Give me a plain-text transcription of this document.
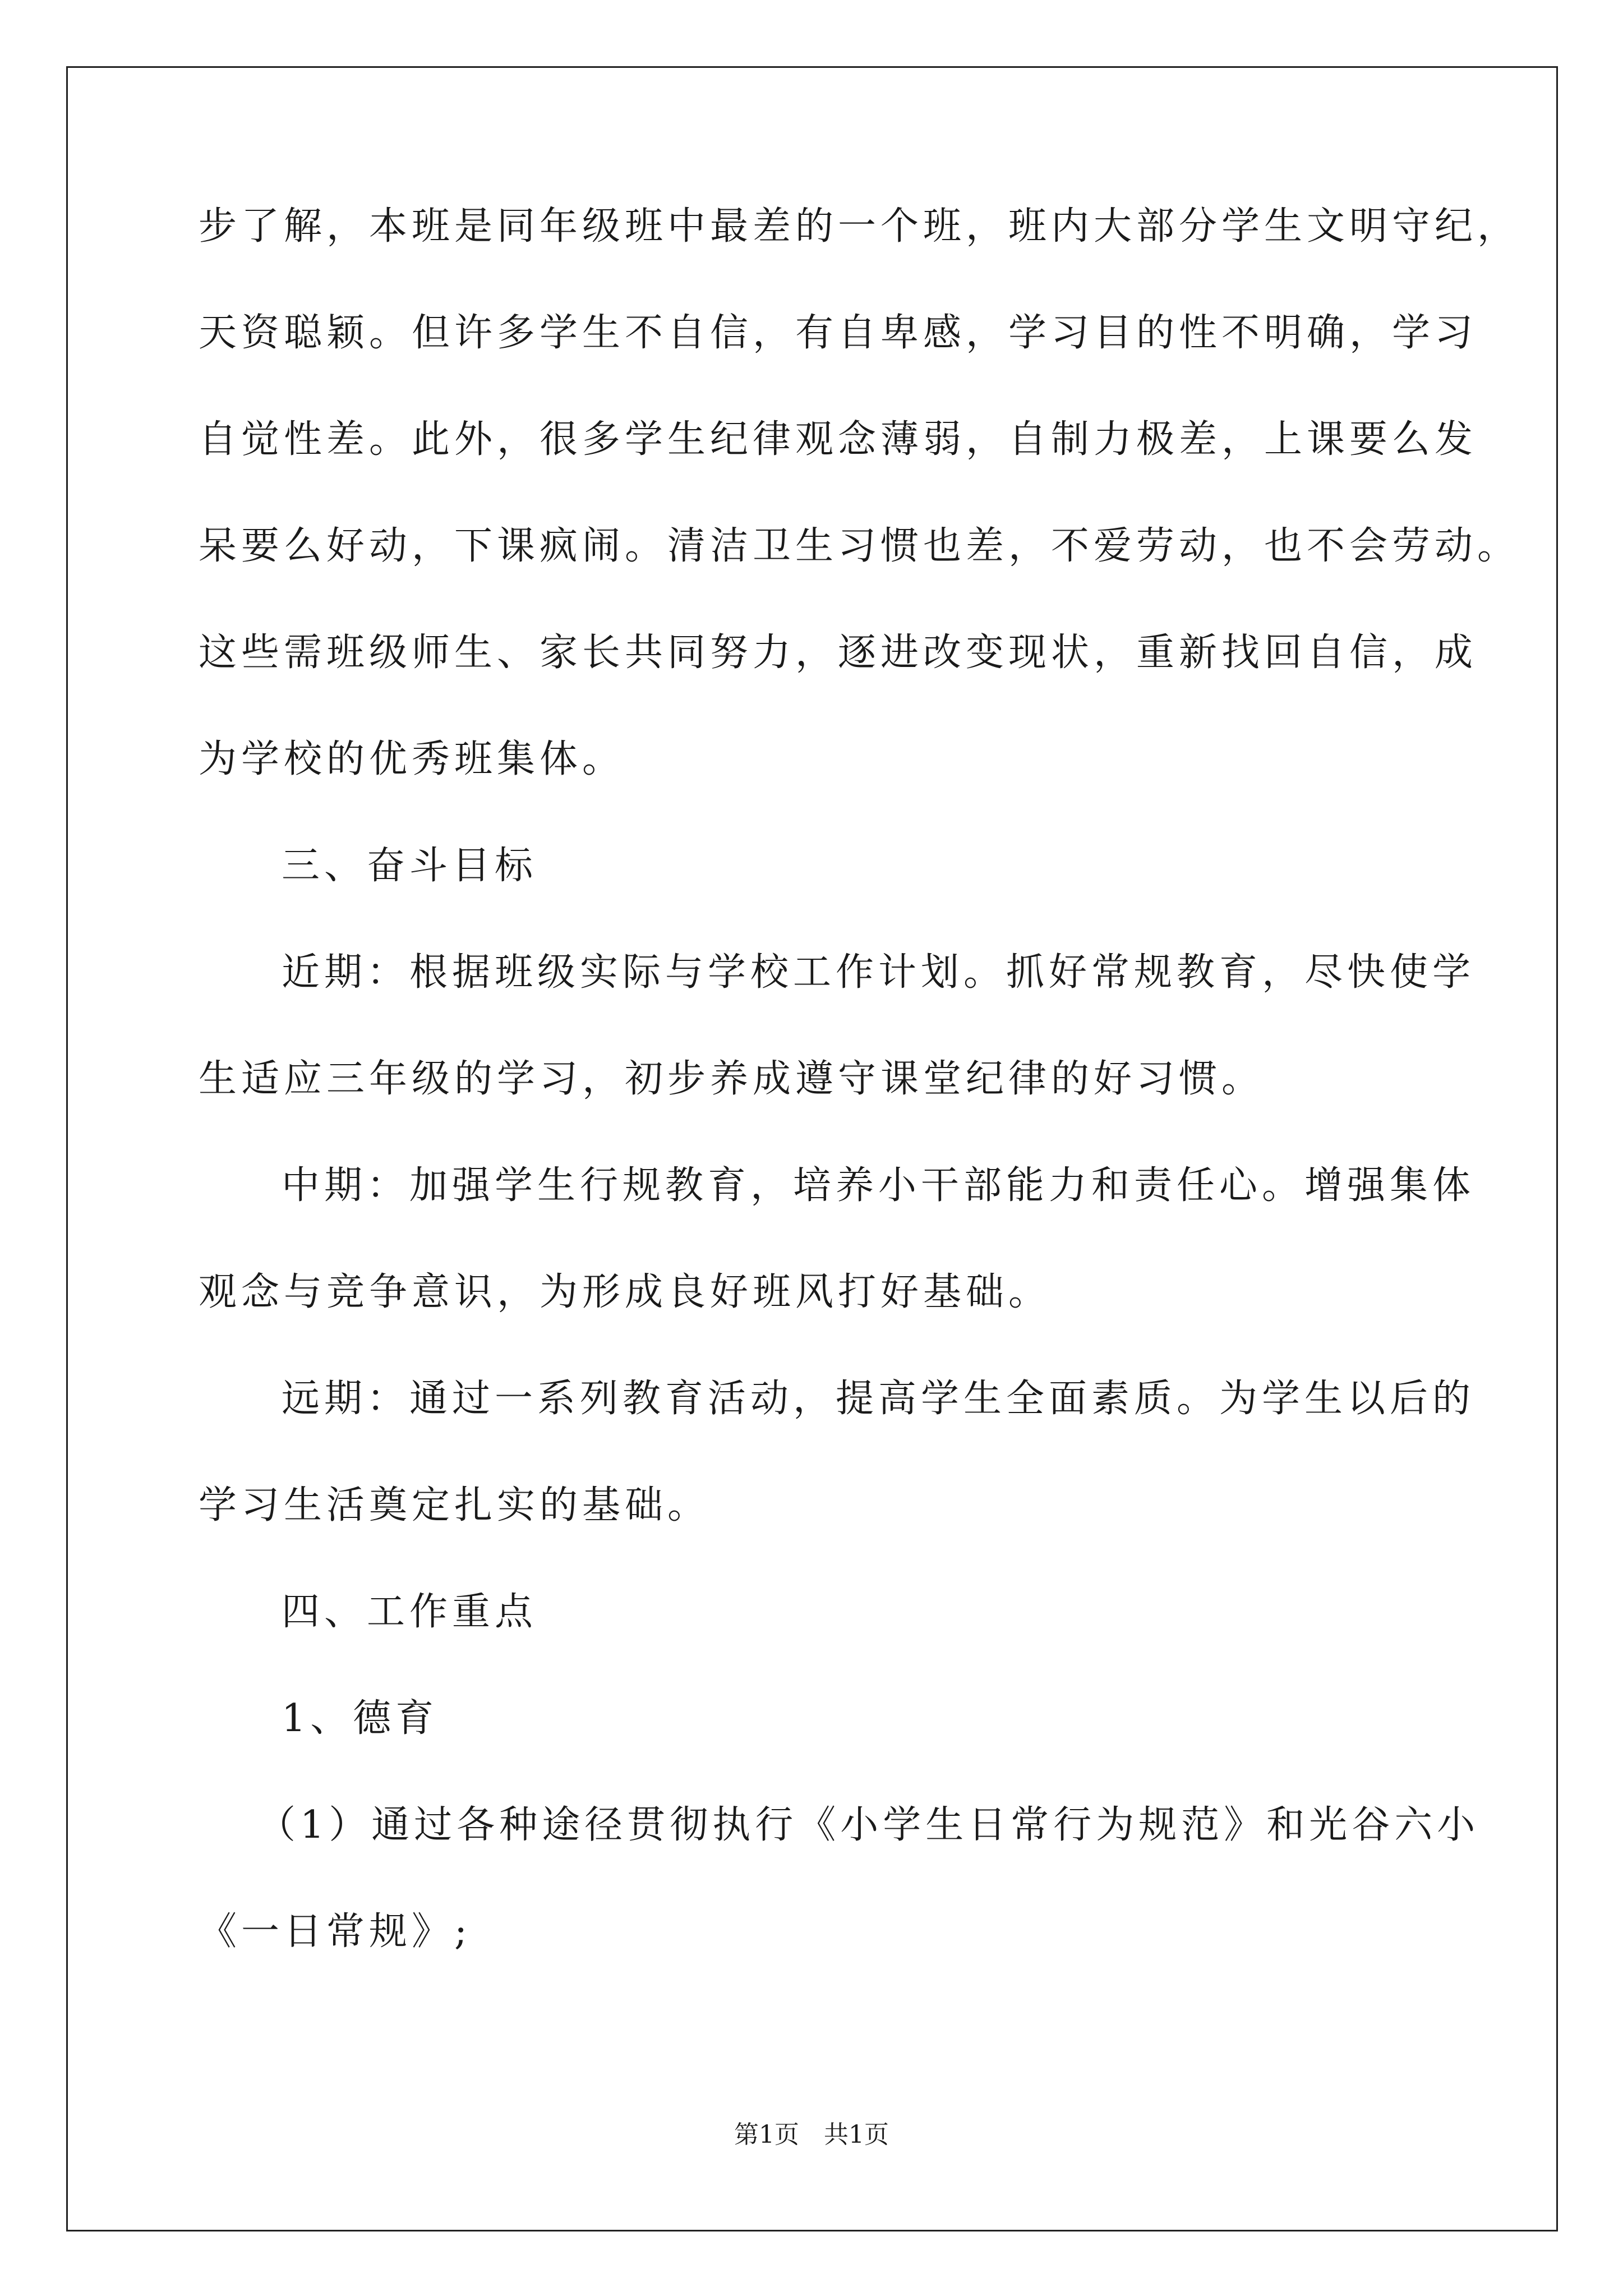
步了解，本班是同年级班中最差的一个班，班内大部分学生文明守纪，
天资聪颖。但许多学生不自信，有自卑感，学习目的性不明确，学习
自觉性差。此外，很多学生纪律观念薄弱，自制力极差，上课要么发
呆要么好动，下课疯闹。清洁卫生习惯也差，不爱劳动，也不会劳动。
这些需班级师生、家长共同努力，逐进改变现状，重新找回自信，成
为学校的优秀班集体。
三、奋斗目标
近期：根据班级实际与学校工作计划。抓好常规教育，尽快使学
生适应三年级的学习，初步养成遵守课堂纪律的好习惯。
中期：加强学生行规教育，培养小干部能力和责任心。增强集体
观念与竞争意识，为形成良好班风打好基础。
远期：通过一系列教育活动，提高学生全面素质。为学生以后的
学习生活奠定扎实的基础。
四、工作重点
1、德育
（1）通过各种途径贯彻执行《小学生日常行为规范》和光谷六小
《一日常规》;
第1页　共1页
